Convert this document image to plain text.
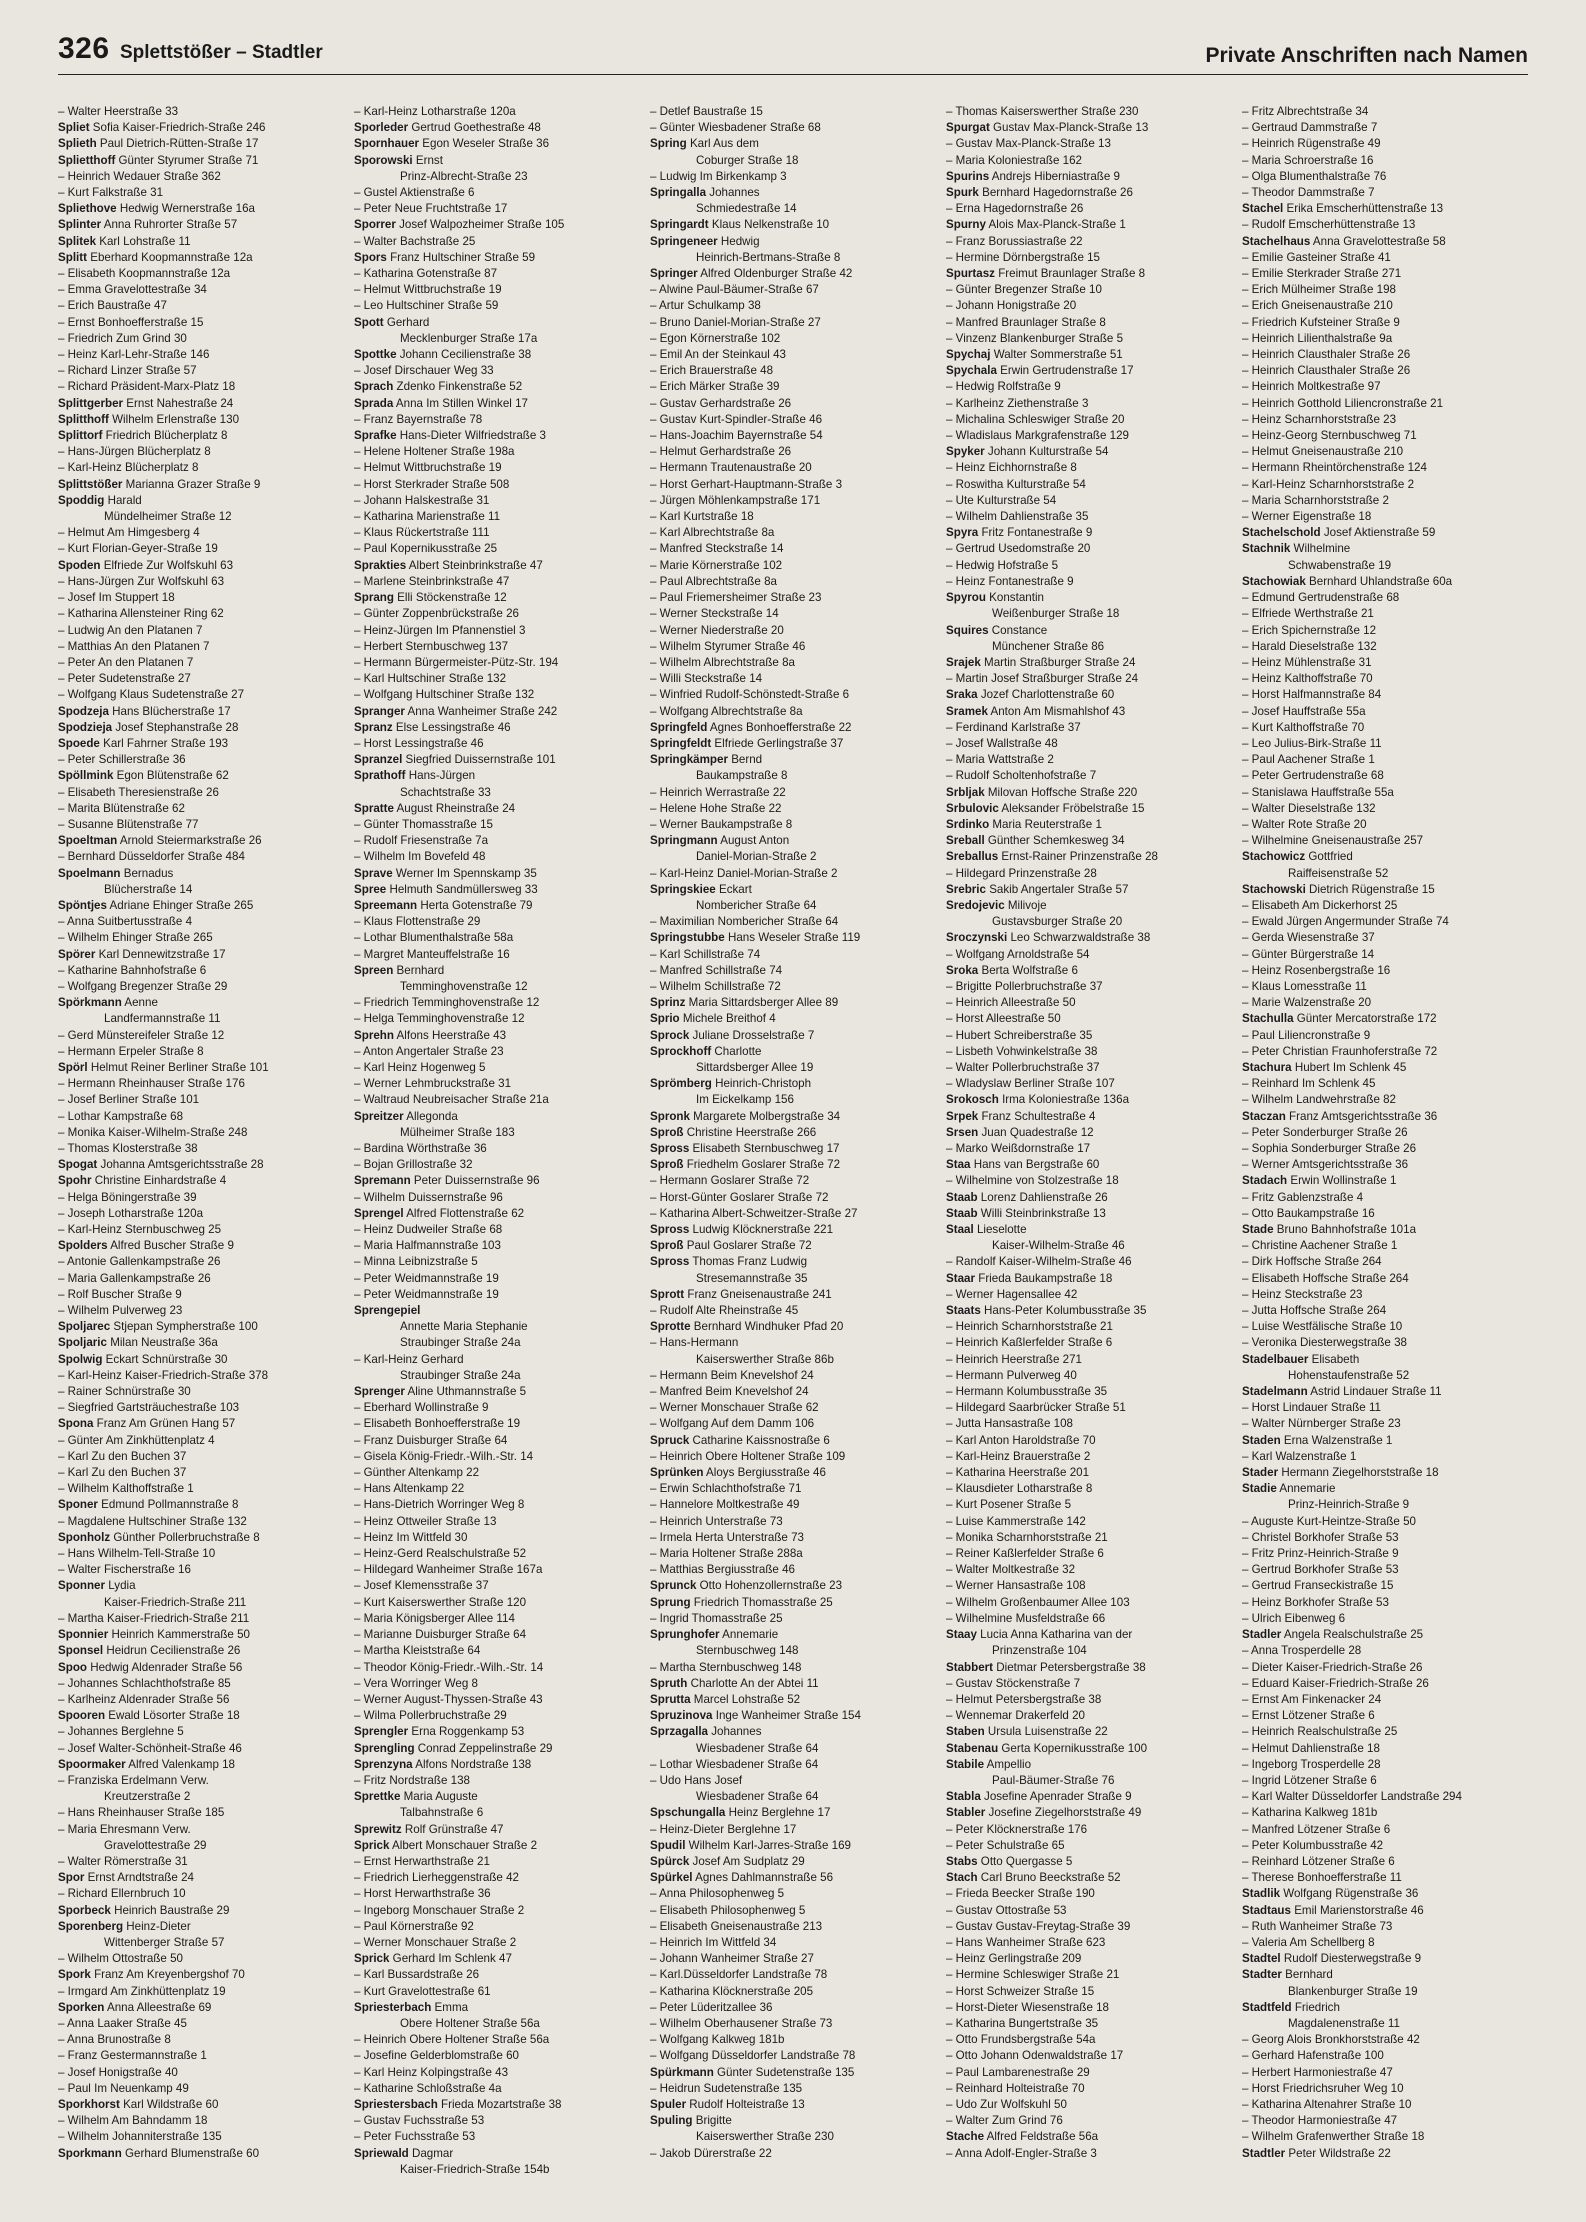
326 Splettstößer – Stadtler	Private Anschriften nach Namen
– Walter Heerstraße 33
Spliet Sofia Kaiser-Friedrich-Straße 246
Splieth Paul Dietrich-Rütten-Straße 17
Splietthoff Günter Styrumer Straße 71
– Heinrich Wedauer Straße 362
– Kurt Falkstraße 31
Spliethove Hedwig Wernerstraße 16a
Splinter Anna Ruhrorter Straße 57
Splitek Karl Lohstraße 11
Splitt Eberhard Koopmannstraße 12a
– Elisabeth Koopmannstraße 12a
– Emma Gravelottestraße 34
– Erich Baustraße 47
– Ernst Bonhoefferstraße 15
– Friedrich Zum Grind 30
– Heinz Karl-Lehr-Straße 146
– Richard Linzer Straße 57
– Richard Präsident-Marx-Platz 18
Splittgerber Ernst Nahestraße 24
Splitthoff Wilhelm Erlenstraße 130
Splittorf Friedrich Blücherplatz 8
– Hans-Jürgen Blücherplatz 8
– Karl-Heinz Blücherplatz 8
Splittstößer Marianna Grazer Straße 9
Spoddig Harald
Mündelheimer Straße 12
– Helmut Am Himgesberg 4
– Kurt Florian-Geyer-Straße 19
Spoden Elfriede Zur Wolfskuhl 63
– Hans-Jürgen Zur Wolfskuhl 63
– Josef Im Stuppert 18
– Katharina Allensteiner Ring 62
– Ludwig An den Platanen 7
– Matthias An den Platanen 7
– Peter An den Platanen 7
– Peter Sudetenstraße 27
– Wolfgang Klaus Sudetenstraße 27
Spodzeja Hans Blücherstraße 17
Spodzieja Josef Stephanstraße 28
Spoede Karl Fahrner Straße 193
– Peter Schillerstraße 36
Spöllmink Egon Blütenstraße 62
– Elisabeth Theresienstraße 26
– Marita Blütenstraße 62
– Susanne Blütenstraße 77
Spoeltman Arnold Steiermarkstraße 26
– Bernhard Düsseldorfer Straße 484
Spoelmann Bernadus
Blücherstraße 14
Spöntjes Adriane Ehinger Straße 265
– Anna Suitbertusstraße 4
– Wilhelm Ehinger Straße 265
Spörer Karl Dennewitzstraße 17
– Katharine Bahnhofstraße 6
– Wolfgang Bregenzer Straße 29
Spörkmann Aenne
Landfermannstraße 11
– Gerd Münstereifeler Straße 12
– Hermann Erpeler Straße 8
Spörl Helmut Reiner Berliner Straße 101
– Hermann Rheinhauser Straße 176
– Josef Berliner Straße 101
– Lothar Kampstraße 68
– Monika Kaiser-Wilhelm-Straße 248
– Thomas Klosterstraße 38
Spogat Johanna Amtsgerichtsstraße 28
Spohr Christine Einhardstraße 4
– Helga Böningerstraße 39
– Joseph Lotharstraße 120a
– Karl-Heinz Sternbuschweg 25
Spolders Alfred Buscher Straße 9
– Antonie Gallenkampstraße 26
– Maria Gallenkampstraße 26
– Rolf Buscher Straße 9
– Wilhelm Pulverweg 23
Spoljarec Stjepan Sympherstraße 100
Spoljaric Milan Neustraße 36a
Spolwig Eckart Schnürstraße 30
– Karl-Heinz Kaiser-Friedrich-Straße 378
– Rainer Schnürstraße 30
– Siegfried Gartsträuchestraße 103
Spona Franz Am Grünen Hang 57
– Günter Am Zinkhüttenplatz 4
– Karl Zu den Buchen 37
– Karl Zu den Buchen 37
– Wilhelm Kalthoffstraße 1
Sponer Edmund Pollmannstraße 8
– Magdalene Hultschiner Straße 132
Sponholz Günther Pollerbruchstraße 8
– Hans Wilhelm-Tell-Straße 10
– Walter Fischerstraße 16
Sponner Lydia
Kaiser-Friedrich-Straße 211
– Martha Kaiser-Friedrich-Straße 211
Sponnier Heinrich Kammerstraße 50
Sponsel Heidrun Cecilienstraße 26
Spoo Hedwig Aldenrader Straße 56
– Johannes Schlachthofstraße 85
– Karlheinz Aldenrader Straße 56
Spooren Ewald Lösorter Straße 18
– Johannes Berglehne 5
– Josef Walter-Schönheit-Straße 46
Spoormaker Alfred Valenkamp 18
– Franziska Erdelmann Verw.
Kreutzerstraße 2
– Hans Rheinhauser Straße 185
– Maria Ehresmann Verw.
Gravelottestraße 29
– Walter Römerstraße 31
Spor Ernst Arndtstraße 24
– Richard Ellernbruch 10
Sporbeck Heinrich Baustraße 29
Sporenberg Heinz-Dieter
Wittenberger Straße 57
– Wilhelm Ottostraße 50
Spork Franz Am Kreyenbergshof 70
– Irmgard Am Zinkhüttenplatz 19
Sporken Anna Alleestraße 69
– Anna Laaker Straße 45
– Anna Brunostraße 8
– Franz Gestermannstraße 1
– Josef Honigstraße 40
– Paul Im Neuenkamp 49
Sporkhorst Karl Wildstraße 60
– Wilhelm Am Bahndamm 18
– Wilhelm Johanniterstraße 135
Sporkmann Gerhard Blumenstraße 60
– Karl-Heinz Lotharstraße 120a
Sporleder Gertrud Goethestraße 48
Spornhauer Egon Weseler Straße 36
Sporowski Ernst
Prinz-Albrecht-Straße 23
– Gustel Aktienstraße 6
– Peter Neue Fruchtstraße 17
Sporrer Josef Walpozheimer Straße 105
– Walter Bachstraße 25
Spors Franz Hultschiner Straße 59
– Katharina Gotenstraße 87
– Helmut Wittbruchstraße 19
– Leo Hultschiner Straße 59
Spott Gerhard
Mecklenburger Straße 17a
Spottke Johann Cecilienstraße 38
– Josef Dirschauer Weg 33
Sprach Zdenko Finkenstraße 52
Sprada Anna Im Stillen Winkel 17
– Franz Bayernstraße 78
Sprafke Hans-Dieter Wilfriedstraße 3
– Helene Holtener Straße 198a
– Helmut Wittbruchstraße 19
– Horst Sterkrader Straße 508
– Johann Halskestraße 31
– Katharina Marienstraße 11
– Klaus Rückertstraße 111
– Paul Kopernikusstraße 25
Sprakties Albert Steinbrinkstraße 47
– Marlene Steinbrinkstraße 47
Sprang Elli Stöckenstraße 12
– Günter Zoppenbrückstraße 26
– Heinz-Jürgen Im Pfannenstiel 3
– Herbert Sternbuschweg 137
– Hermann Bürgermeister-Pütz-Str. 194
– Karl Hultschiner Straße 132
– Wolfgang Hultschiner Straße 132
Spranger Anna Wanheimer Straße 242
Spranz Else Lessingstraße 46
– Horst Lessingstraße 46
Spranzel Siegfried Duissernstraße 101
Sprathoff Hans-Jürgen
Schachtstraße 33
Spratte August Rheinstraße 24
– Günter Thomasstraße 15
– Rudolf Friesenstraße 7a
– Wilhelm Im Bovefeld 48
Sprave Werner Im Spennskamp 35
Spree Helmuth Sandmüllersweg 33
Spreemann Herta Gotenstraße 79
– Klaus Flottenstraße 29
– Lothar Blumenthalstraße 58a
– Margret Manteuffelstraße 16
Spreen Bernhard
Temminghovenstraße 12
– Friedrich Temminghovenstraße 12
– Helga Temminghovenstraße 12
Sprehn Alfons Heerstraße 43
– Anton Angertaler Straße 23
– Karl Heinz Hogenweg 5
– Werner Lehmbruckstraße 31
– Waltraud Neubreisacher Straße 21a
Spreitzer Allegonda
Mülheimer Straße 183
– Bardina Wörthstraße 36
– Bojan Grillostraße 32
Spremann Peter Duissernstraße 96
– Wilhelm Duissernstraße 96
Sprengel Alfred Flottenstraße 62
– Heinz Dudweiler Straße 68
– Maria Halfmannstraße 103
– Minna Leibnizstraße 5
– Peter Weidmannstraße 19
– Peter Weidmannstraße 19
Sprengepiel
Annette Maria Stephanie
Straubinger Straße 24a
– Karl-Heinz Gerhard
Straubinger Straße 24a
Sprenger Aline Uthmannstraße 5
– Eberhard Wollinstraße 9
– Elisabeth Bonhoefferstraße 19
– Franz Duisburger Straße 64
– Gisela König-Friedr.-Wilh.-Str. 14
– Günther Altenkamp 22
– Hans Altenkamp 22
– Hans-Dietrich Worringer Weg 8
– Heinz Ottweiler Straße 13
– Heinz Im Wittfeld 30
– Heinz-Gerd Realschulstraße 52
– Hildegard Wanheimer Straße 167a
– Josef Klemensstraße 37
– Kurt Kaiserswerther Straße 120
– Maria Königsberger Allee 114
– Marianne Duisburger Straße 64
– Martha Kleiststraße 64
– Theodor König-Friedr.-Wilh.-Str. 14
– Vera Worringer Weg 8
– Werner August-Thyssen-Straße 43
– Wilma Pollerbruchstraße 29
Sprengler Erna Roggenkamp 53
Sprengling Conrad Zeppelinstraße 29
Sprenzyna Alfons Nordstraße 138
– Fritz Nordstraße 138
Sprettke Maria Auguste
Talbahnstraße 6
Sprewitz Rolf Grünstraße 47
Sprick Albert Monschauer Straße 2
– Ernst Herwarthstraße 21
– Friedrich Lierheggenstraße 42
– Horst Herwarthstraße 36
– Ingeborg Monschauer Straße 2
– Paul Körnerstraße 92
– Werner Monschauer Straße 2
Sprick Gerhard Im Schlenk 47
– Karl Bussardstraße 26
– Kurt Gravelottestraße 61
Spriesterbach Emma
Obere Holtener Straße 56a
– Heinrich Obere Holtener Straße 56a
– Josefine Gelderblomstraße 60
– Karl Heinz Kolpingstraße 43
– Katharine Schloßstraße 4a
Spriestersbach Frieda Mozartstraße 38
– Gustav Fuchsstraße 53
– Peter Fuchsstraße 53
Spriewald Dagmar
Kaiser-Friedrich-Straße 154b
– Detlef Baustraße 15
– Günter Wiesbadener Straße 68
Spring Karl Aus dem
Coburger Straße 18
– Ludwig Im Birkenkamp 3
Springalla Johannes
Schmiedestraße 14
Springardt Klaus Nelkenstraße 10
Springeneer Hedwig
Heinrich-Bertmans-Straße 8
Springer Alfred Oldenburger Straße 42
– Alwine Paul-Bäumer-Straße 67
– Artur Schulkamp 38
– Bruno Daniel-Morian-Straße 27
– Egon Körnerstraße 102
– Emil An der Steinkaul 43
– Erich Brauerstraße 48
– Erich Märker Straße 39
– Gustav Gerhardstraße 26
– Gustav Kurt-Spindler-Straße 46
– Hans-Joachim Bayernstraße 54
– Helmut Gerhardstraße 26
– Hermann Trautenaustraße 20
– Horst Gerhart-Hauptmann-Straße 3
– Jürgen Möhlenkampstraße 171
– Karl Kurtstraße 18
– Karl Albrechtstraße 8a
– Manfred Steckstraße 14
– Marie Körnerstraße 102
– Paul Albrechtstraße 8a
– Paul Friemersheimer Straße 23
– Werner Steckstraße 14
– Werner Niederstraße 20
– Wilhelm Styrumer Straße 46
– Wilhelm Albrechtstraße 8a
– Willi Steckstraße 14
– Winfried Rudolf-Schönstedt-Straße 6
– Wolfgang Albrechtstraße 8a
Springfeld Agnes Bonhoefferstraße 22
Springfeldt Elfriede Gerlingstraße 37
Springkämper Bernd
Baukampstraße 8
– Heinrich Werrastraße 22
– Helene Hohe Straße 22
– Werner Baukampstraße 8
Springmann August Anton
Daniel-Morian-Straße 2
– Karl-Heinz Daniel-Morian-Straße 2
Springskiee Eckart
Nombericher Straße 64
– Maximilian Nombericher Straße 64
Springstubbe Hans Weseler Straße 119
– Karl Schillstraße 74
– Manfred Schillstraße 74
– Wilhelm Schillstraße 72
Sprinz Maria Sittardsberger Allee 89
Sprio Michele Breithof 4
Sprock Juliane Drosselstraße 7
Sprockhoff Charlotte
Sittardsberger Allee 19
Sprömberg Heinrich-Christoph
Im Eickelkamp 156
Spronk Margarete Molbergstraße 34
Sproß Christine Heerstraße 266
Spross Elisabeth Sternbuschweg 17
Sproß Friedhelm Goslarer Straße 72
– Hermann Goslarer Straße 72
– Horst-Günter Goslarer Straße 72
– Katharina Albert-Schweitzer-Straße 27
Spross Ludwig Klöcknerstraße 221
Sproß Paul Goslarer Straße 72
Spross Thomas Franz Ludwig
Stresemannstraße 35
Sprott Franz Gneisenaustraße 241
– Rudolf Alte Rheinstraße 45
Sprotte Bernhard Windhuker Pfad 20
– Hans-Hermann
Kaiserswerther Straße 86b
– Hermann Beim Knevelshof 24
– Manfred Beim Knevelshof 24
– Werner Monschauer Straße 62
– Wolfgang Auf dem Damm 106
Spruck Catharine Kaissnostraße 6
– Heinrich Obere Holtener Straße 109
Sprünken Aloys Bergiusstraße 46
– Erwin Schlachthofstraße 71
– Hannelore Moltkestraße 49
– Heinrich Unterstraße 73
– Irmela Herta Unterstraße 73
– Maria Holtener Straße 288a
– Matthias Bergiusstraße 46
Sprunck Otto Hohenzollernstraße 23
Sprung Friedrich Thomasstraße 25
– Ingrid Thomasstraße 25
Sprunghofer Annemarie
Sternbuschweg 148
– Martha Sternbuschweg 148
Spruth Charlotte An der Abtei 11
Sprutta Marcel Lohstraße 52
Spruzinova Inge Wanheimer Straße 154
Sprzagalla Johannes
Wiesbadener Straße 64
– Lothar Wiesbadener Straße 64
– Udo Hans Josef
Wiesbadener Straße 64
Spschungalla Heinz Berglehne 17
– Heinz-Dieter Berglehne 17
Spudil Wilhelm Karl-Jarres-Straße 169
Spürck Josef Am Sudplatz 29
Spürkel Agnes Dahlmannstraße 56
– Anna Philosophenweg 5
– Elisabeth Philosophenweg 5
– Elisabeth Gneisenaustraße 213
– Heinrich Im Wittfeld 34
– Johann Wanheimer Straße 27
– Karl.Düsseldorfer Landstraße 78
– Katharina Klöcknerstraße 205
– Peter Lüderitzallee 36
– Wilhelm Oberhausener Straße 73
– Wolfgang Kalkweg 181b
– Wolfgang Düsseldorfer Landstraße 78
Spürkmann Günter Sudetenstraße 135
– Heidrun Sudetenstraße 135
Spuler Rudolf Holteistraße 13
Spuling Brigitte
Kaiserswerther Straße 230
– Jakob Dürerstraße 22
– Thomas Kaiserswerther Straße 230
Spurgat Gustav Max-Planck-Straße 13
– Gustav Max-Planck-Straße 13
– Maria Koloniestraße 162
Spurins Andrejs Hiberniastraße 9
Spurk Bernhard Hagedornstraße 26
– Erna Hagedornstraße 26
Spurny Alois Max-Planck-Straße 1
– Franz Borussiastraße 22
– Hermine Dörnbergstraße 15
Spurtasz Freimut Braunlager Straße 8
– Günter Bregenzer Straße 10
– Johann Honigstraße 20
– Manfred Braunlager Straße 8
– Vinzenz Blankenburger Straße 5
Spychaj Walter Sommerstraße 51
Spychala Erwin Gertrudenstraße 17
– Hedwig Rolfstraße 9
– Karlheinz Ziethenstraße 3
– Michalina Schleswiger Straße 20
– Wladislaus Markgrafenstraße 129
Spyker Johann Kulturstraße 54
– Heinz Eichhornstraße 8
– Roswitha Kulturstraße 54
– Ute Kulturstraße 54
– Wilhelm Dahlienstraße 35
Spyra Fritz Fontanestraße 9
– Gertrud Usedomstraße 20
– Hedwig Hofstraße 5
– Heinz Fontanestraße 9
Spyrou Konstantin
Weißenburger Straße 18
Squires Constance
Münchener Straße 86
Srajek Martin Straßburger Straße 24
– Martin Josef Straßburger Straße 24
Sraka Jozef Charlottenstraße 60
Sramek Anton Am Mismahlshof 43
– Ferdinand Karlstraße 37
– Josef Wallstraße 48
– Maria Wattstraße 2
– Rudolf Scholtenhofstraße 7
Srbljak Milovan Hoffsche Straße 220
Srbulovic Aleksander Fröbelstraße 15
Srdinko Maria Reuterstraße 1
Sreball Günther Schemkesweg 34
Sreballus Ernst-Rainer Prinzenstraße 28
– Hildegard Prinzenstraße 28
Srebric Sakib Angertaler Straße 57
Sredojevic Milivoje
Gustavsburger Straße 20
Sroczynski Leo Schwarzwaldstraße 38
– Wolfgang Arnoldstraße 54
Sroka Berta Wolfstraße 6
– Brigitte Pollerbruchstraße 37
– Heinrich Alleestraße 50
– Horst Alleestraße 50
– Hubert Schreiberstraße 35
– Lisbeth Vohwinkelstraße 38
– Walter Pollerbruchstraße 37
– Wladyslaw Berliner Straße 107
Srokosch Irma Koloniestraße 136a
Srpek Franz Schultestraße 4
Srsen Juan Quadestraße 12
– Marko Weißdornstraße 17
Staa Hans van Bergstraße 60
– Wilhelmine von Stolzestraße 18
Staab Lorenz Dahlienstraße 26
Staab Willi Steinbrinkstraße 13
Staal Lieselotte
Kaiser-Wilhelm-Straße 46
– Randolf Kaiser-Wilhelm-Straße 46
Staar Frieda Baukampstraße 18
– Werner Hagensallee 42
Staats Hans-Peter Kolumbusstraße 35
– Heinrich Scharnhorststraße 21
– Heinrich Kaßlerfelder Straße 6
– Heinrich Heerstraße 271
– Hermann Pulverweg 40
– Hermann Kolumbusstraße 35
– Hildegard Saarbrücker Straße 51
– Jutta Hansastraße 108
– Karl Anton Haroldstraße 70
– Karl-Heinz Brauerstraße 2
– Katharina Heerstraße 201
– Klausdieter Lotharstraße 8
– Kurt Posener Straße 5
– Luise Kammerstraße 142
– Monika Scharnhorststraße 21
– Reiner Kaßlerfelder Straße 6
– Walter Moltkestraße 32
– Werner Hansastraße 108
– Wilhelm Großenbaumer Allee 103
– Wilhelmine Musfeldstraße 66
Staay Lucia Anna Katharina van der
Prinzenstraße 104
Stabbert Dietmar Petersbergstraße 38
– Gustav Stöckenstraße 7
– Helmut Petersbergstraße 38
– Wennemar Drakerfeld 20
Staben Ursula Luisenstraße 22
Stabenau Gerta Kopernikusstraße 100
Stabile Ampellio
Paul-Bäumer-Straße 76
Stabla Josefine Apenrader Straße 9
Stabler Josefine Ziegelhorststraße 49
– Peter Klöcknerstraße 176
– Peter Schulstraße 65
Stabs Otto Quergasse 5
Stach Carl Bruno Beeckstraße 52
– Frieda Beecker Straße 190
– Gustav Ottostraße 53
– Gustav Gustav-Freytag-Straße 39
– Hans Wanheimer Straße 623
– Heinz Gerlingstraße 209
– Hermine Schleswiger Straße 21
– Horst Schweizer Straße 15
– Horst-Dieter Wiesenstraße 18
– Katharina Bungertstraße 35
– Otto Frundsbergstraße 54a
– Otto Johann Odenwaldstraße 17
– Paul Lambarenestraße 29
– Reinhard Holteistraße 70
– Udo Zur Wolfskuhl 50
– Walter Zum Grind 76
Stache Alfred Feldstraße 56a
– Anna Adolf-Engler-Straße 3
– Fritz Albrechtstraße 34
– Gertraud Dammstraße 7
– Heinrich Rügenstraße 49
– Maria Schroerstraße 16
– Olga Blumenthalstraße 76
– Theodor Dammstraße 7
Stachel Erika Emscherhüttenstraße 13
– Rudolf Emscherhüttenstraße 13
Stachelhaus Anna Gravelottestraße 58
– Emilie Gasteiner Straße 41
– Emilie Sterkrader Straße 271
– Erich Mülheimer Straße 198
– Erich Gneisenaustraße 210
– Friedrich Kufsteiner Straße 9
– Heinrich Lilienthalstraße 9a
– Heinrich Clausthaler Straße 26
– Heinrich Clausthaler Straße 26
– Heinrich Moltkestraße 97
– Heinrich Gotthold Liliencronstraße 21
– Heinz Scharnhorststraße 23
– Heinz-Georg Sternbuschweg 71
– Helmut Gneisenaustraße 210
– Hermann Rheintörchenstraße 124
– Karl-Heinz Scharnhorststraße 2
– Maria Scharnhorststraße 2
– Werner Eigenstraße 18
Stachelschold Josef Aktienstraße 59
Stachnik Wilhelmine
Schwabenstraße 19
Stachowiak Bernhard Uhlandstraße 60a
– Edmund Gertrudenstraße 68
– Elfriede Werthstraße 21
– Erich Spichernstraße 12
– Harald Dieselstraße 132
– Heinz Mühlenstraße 31
– Heinz Kalthoffstraße 70
– Horst Halfmannstraße 84
– Josef Hauffstraße 55a
– Kurt Kalthoffstraße 70
– Leo Julius-Birk-Straße 11
– Paul Aachener Straße 1
– Peter Gertrudenstraße 68
– Stanislawa Hauffstraße 55a
– Walter Dieselstraße 132
– Walter Rote Straße 20
– Wilhelmine Gneisenaustraße 257
Stachowicz Gottfried
Raiffeisenstraße 52
Stachowski Dietrich Rügenstraße 15
– Elisabeth Am Dickerhorst 25
– Ewald Jürgen Angermunder Straße 74
– Gerda Wiesenstraße 37
– Günter Bürgerstraße 14
– Heinz Rosenbergstraße 16
– Klaus Lomesstraße 11
– Marie Walzenstraße 20
Stachulla Günter Mercatorstraße 172
– Paul Liliencronstraße 9
– Peter Christian Fraunhoferstraße 72
Stachura Hubert Im Schlenk 45
– Reinhard Im Schlenk 45
– Wilhelm Landwehrstraße 82
Staczan Franz Amtsgerichtsstraße 36
– Peter Sonderburger Straße 26
– Sophia Sonderburger Straße 26
– Werner Amtsgerichtsstraße 36
Stadach Erwin Wollinstraße 1
– Fritz Gablenzstraße 4
– Otto Baukampstraße 16
Stade Bruno Bahnhofstraße 101a
– Christine Aachener Straße 1
– Dirk Hoffsche Straße 264
– Elisabeth Hoffsche Straße 264
– Heinz Steckstraße 23
– Jutta Hoffsche Straße 264
– Luise Westfälische Straße 10
– Veronika Diesterwegstraße 38
Stadelbauer Elisabeth
Hohenstaufenstraße 52
Stadelmann Astrid Lindauer Straße 11
– Horst Lindauer Straße 11
– Walter Nürnberger Straße 23
Staden Erna Walzenstraße 1
– Karl Walzenstraße 1
Stader Hermann Ziegelhorststraße 18
Stadie Annemarie
Prinz-Heinrich-Straße 9
– Auguste Kurt-Heintze-Straße 50
– Christel Borkhofer Straße 53
– Fritz Prinz-Heinrich-Straße 9
– Gertrud Borkhofer Straße 53
– Gertrud Franseckistraße 15
– Heinz Borkhofer Straße 53
– Ulrich Eibenweg 6
Stadler Angela Realschulstraße 25
– Anna Trosperdelle 28
– Dieter Kaiser-Friedrich-Straße 26
– Eduard Kaiser-Friedrich-Straße 26
– Ernst Am Finkenacker 24
– Ernst Lötzener Straße 6
– Heinrich Realschulstraße 25
– Helmut Dahlienstraße 18
– Ingeborg Trosperdelle 28
– Ingrid Lötzener Straße 6
– Karl Walter Düsseldorfer Landstraße 294
– Katharina Kalkweg 181b
– Manfred Lötzener Straße 6
– Peter Kolumbusstraße 42
– Reinhard Lötzener Straße 6
– Therese Bonhoefferstraße 11
Stadlik Wolfgang Rügenstraße 36
Stadtaus Emil Marienstorstraße 46
– Ruth Wanheimer Straße 73
– Valeria Am Schellberg 8
Stadtel Rudolf Diesterwegstraße 9
Stadter Bernhard
Blankenburger Straße 19
Stadtfeld Friedrich
Magdalenenstraße 11
– Georg Alois Bronkhorststraße 42
– Gerhard Hafenstraße 100
– Herbert Harmoniestraße 47
– Horst Friedrichsruher Weg 10
– Katharina Altenahrer Straße 10
– Theodor Harmoniestraße 47
– Wilhelm Grafenwerther Straße 18
Stadtler Peter Wildstraße 22
